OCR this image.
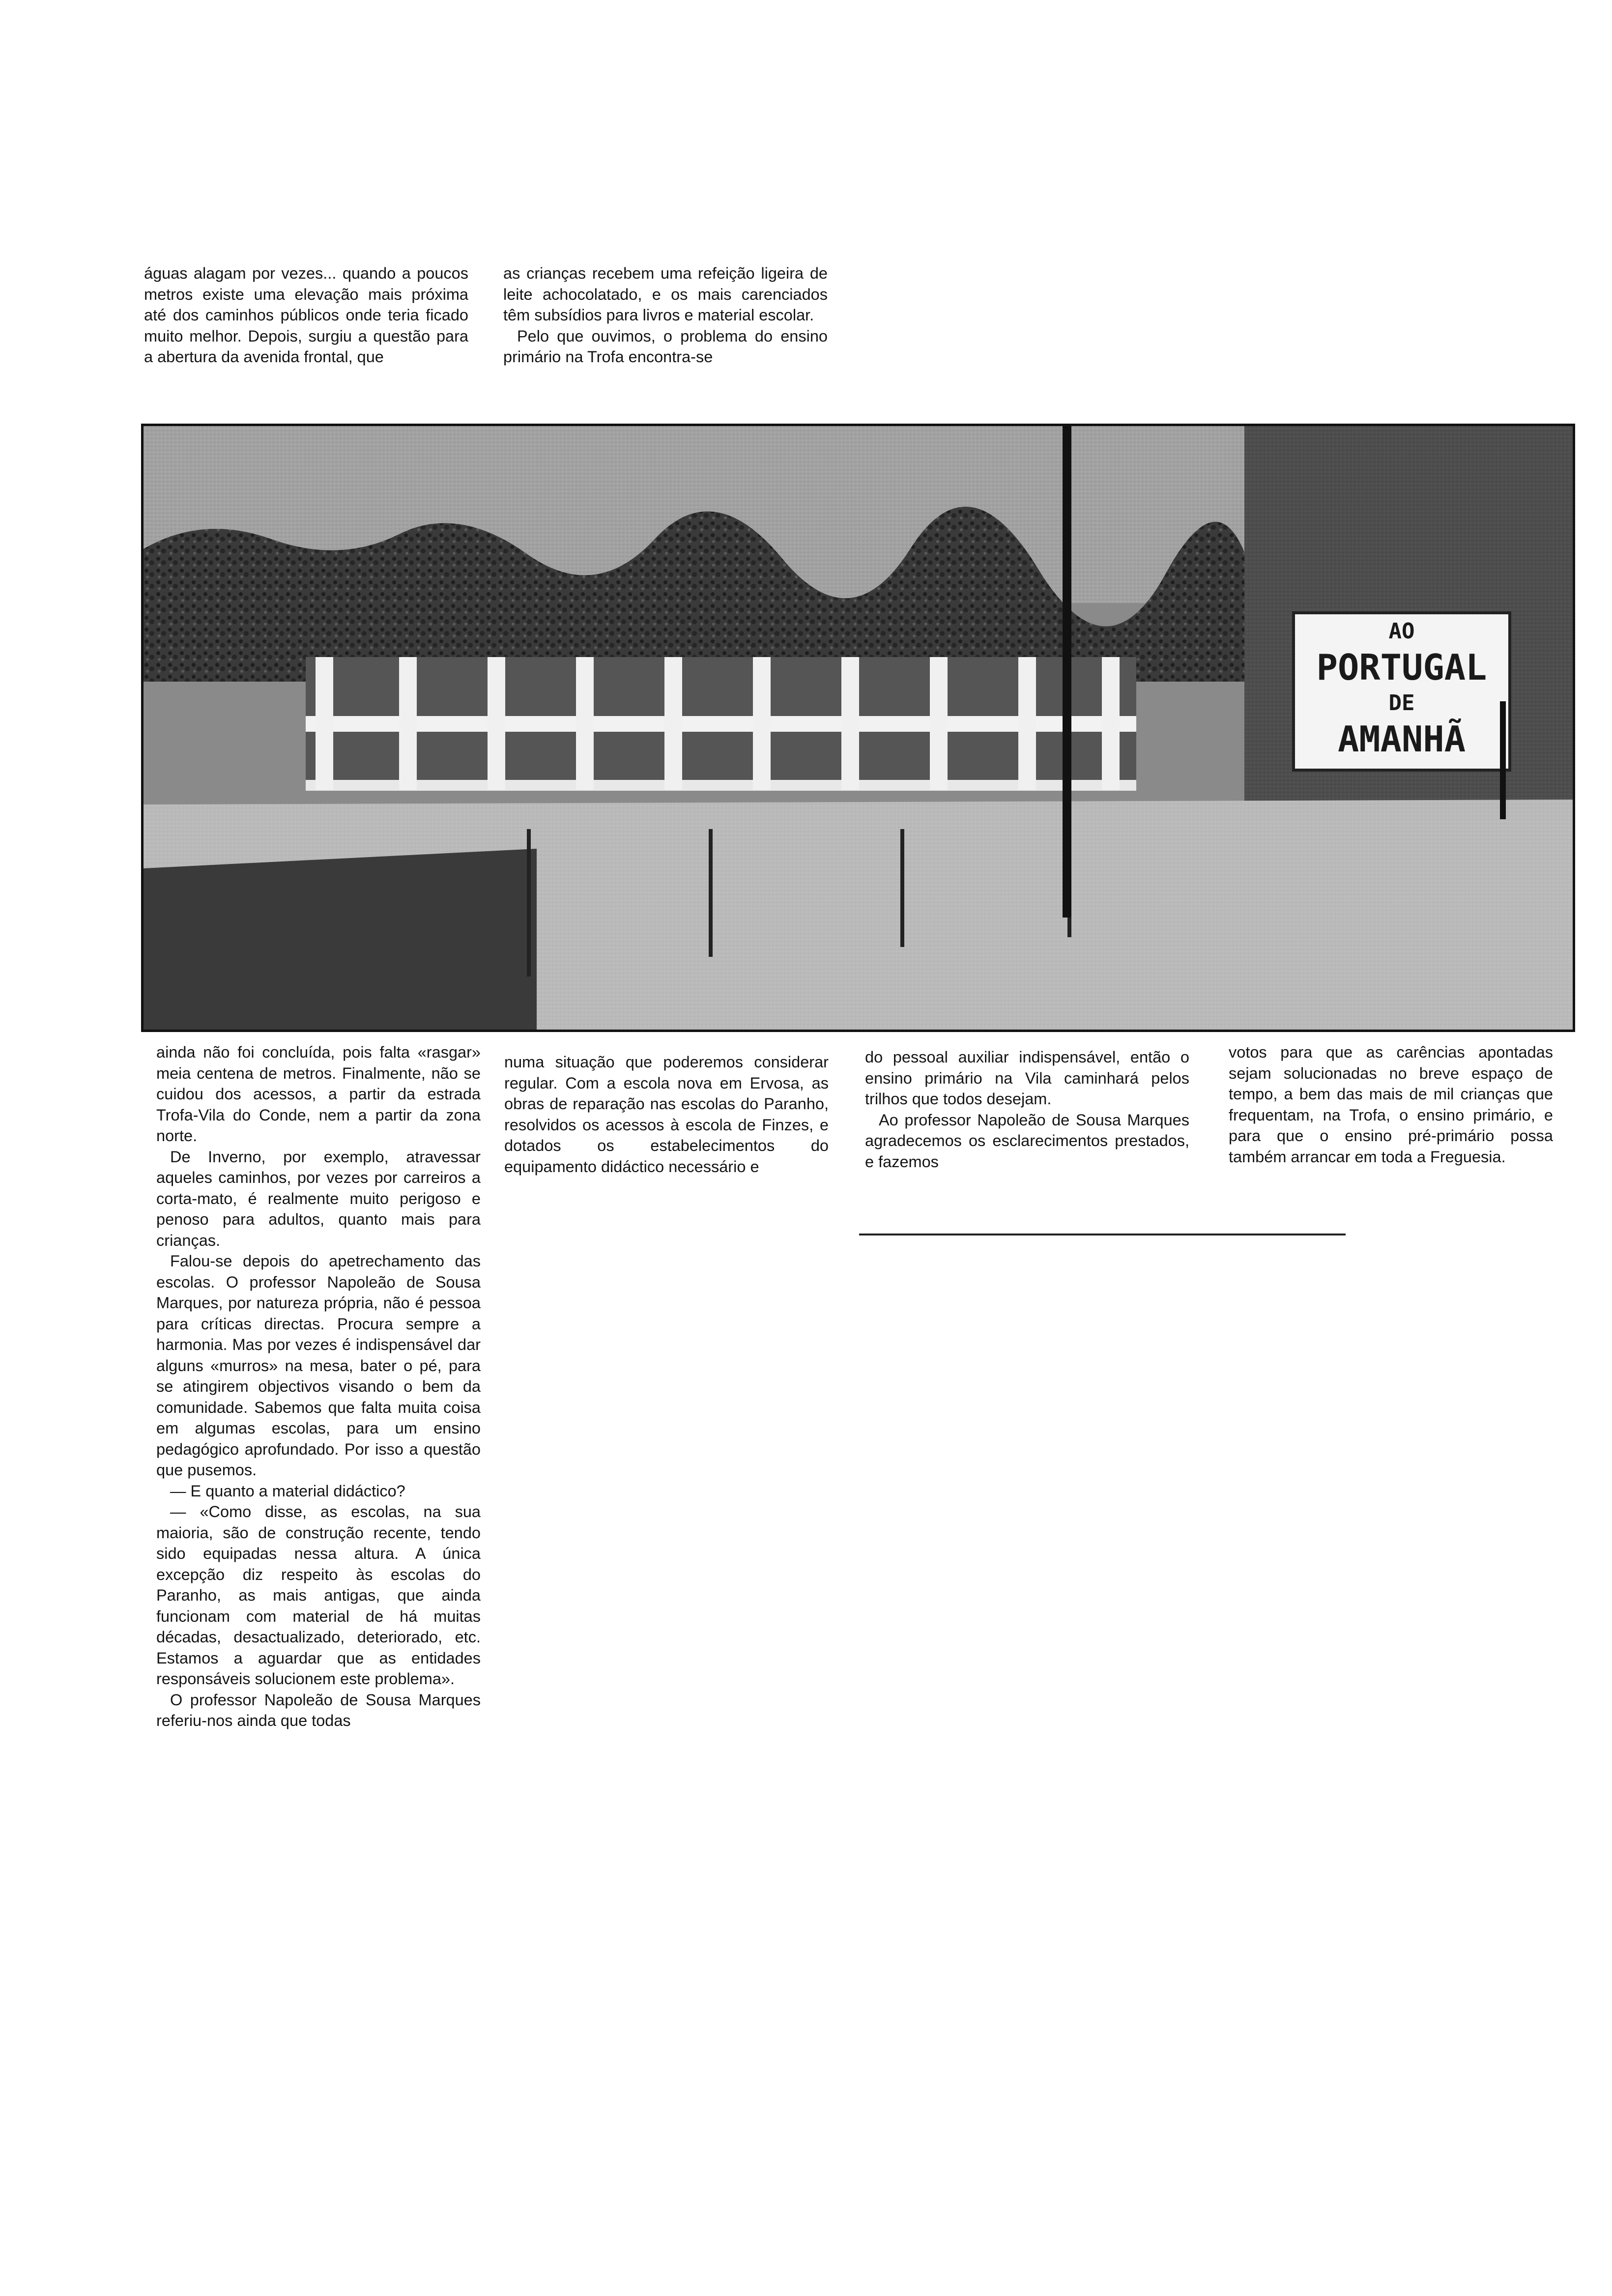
águas alagam por vezes... quando a poucos metros existe uma elevação mais próxima até dos caminhos públicos onde teria ficado muito melhor. Depois, surgiu a questão para a abertura da avenida frontal, que

as crianças recebem uma refeição ligeira de leite achocolatado, e os mais carenciados têm subsídios para livros e material escolar.

Pelo que ouvimos, o problema do ensino primário na Trofa encontra-se

AO
PORTUGAL
DE
AMANHÃ

ainda não foi concluída, pois falta «rasgar» meia centena de metros. Finalmente, não se cuidou dos acessos, a partir da estrada Trofa-Vila do Conde, nem a partir da zona norte.

De Inverno, por exemplo, atravessar aqueles caminhos, por vezes por carreiros a corta-mato, é realmente muito perigoso e penoso para adultos, quanto mais para crianças.

Falou-se depois do apetrechamento das escolas. O professor Napoleão de Sousa Marques, por natureza própria, não é pessoa para críticas directas. Procura sempre a harmonia. Mas por vezes é indispensável dar alguns «murros» na mesa, bater o pé, para se atingirem objectivos visando o bem da comunidade. Sabemos que falta muita coisa em algumas escolas, para um ensino pedagógico aprofundado. Por isso a questão que pusemos.

— E quanto a material didáctico?

— «Como disse, as escolas, na sua maioria, são de construção recente, tendo sido equipadas nessa altura. A única excepção diz respeito às escolas do Paranho, as mais antigas, que ainda funcionam com material de há muitas décadas, desactualizado, deteriorado, etc. Estamos a aguardar que as entidades responsáveis solucionem este problema».

O professor Napoleão de Sousa Marques referiu-nos ainda que todas

numa situação que poderemos considerar regular. Com a escola nova em Ervosa, as obras de reparação nas escolas do Paranho, resolvidos os acessos à escola de Finzes, e dotados os estabelecimentos do equipamento didáctico necessário e

do pessoal auxiliar indispensável, então o ensino primário na Vila caminhará pelos trilhos que todos desejam.

Ao professor Napoleão de Sousa Marques agradecemos os esclarecimentos prestados, e fazemos

votos para que as carências apontadas sejam solucionadas no breve espaço de tempo, a bem das mais de mil crianças que frequentam, na Trofa, o ensino primário, e para que o ensino pré-primário possa também arrancar em toda a Freguesia.
